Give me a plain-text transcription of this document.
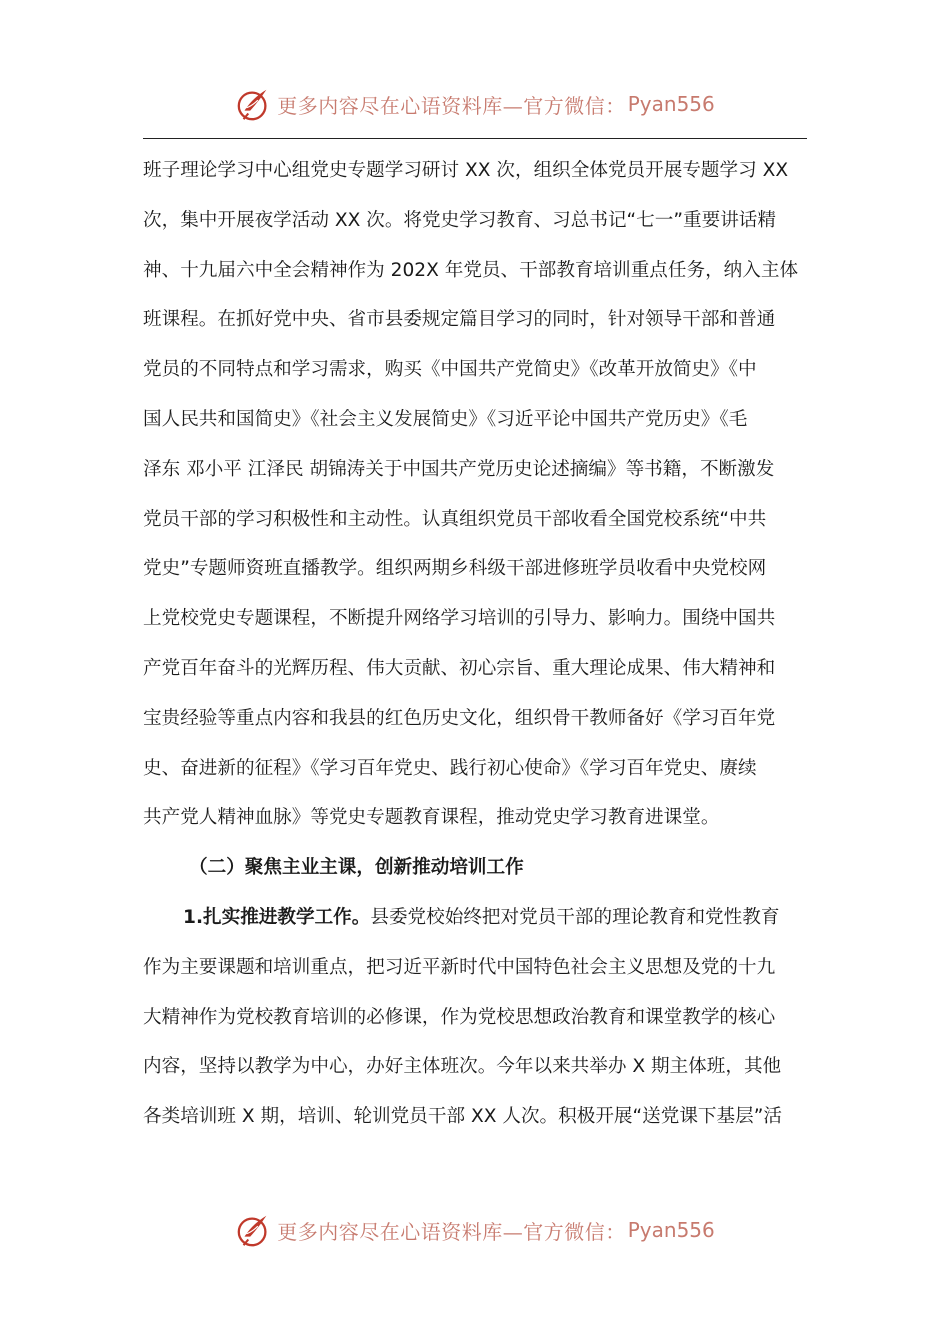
更多内容尽在心语资料库—官方微信： Pyan556
班子理论学习中心组党史专题学习研讨 XX 次，组织全体党员开展专题学习 XX
次，集中开展夜学活动 XX 次。将党史学习教育、习总书记“七一”重要讲话精
神、十九届六中全会精神作为 202X 年党员、干部教育培训重点任务，纳入主体
班课程。在抓好党中央、省市县委规定篇目学习的同时，针对领导干部和普通
党员的不同特点和学习需求，购买《中国共产党简史》《改革开放简史》《中
国人民共和国简史》《社会主义发展简史》《习近平论中国共产党历史》《毛
泽东 邓小平 江泽民 胡锦涛关于中国共产党历史论述摘编》等书籍，不断激发
党员干部的学习积极性和主动性。认真组织党员干部收看全国党校系统“中共
党史”专题师资班直播教学。组织两期乡科级干部进修班学员收看中央党校网
上党校党史专题课程，不断提升网络学习培训的引导力、影响力。围绕中国共
产党百年奋斗的光辉历程、伟大贡献、初心宗旨、重大理论成果、伟大精神和
宝贵经验等重点内容和我县的红色历史文化，组织骨干教师备好《学习百年党
史、奋进新的征程》《学习百年党史、践行初心使命》《学习百年党史、赓续
共产党人精神血脉》等党史专题教育课程，推动党史学习教育进课堂。
（二）聚焦主业主课，创新推动培训工作
1.扎实推进教学工作。县委党校始终把对党员干部的理论教育和党性教育
作为主要课题和培训重点，把习近平新时代中国特色社会主义思想及党的十九
大精神作为党校教育培训的必修课，作为党校思想政治教育和课堂教学的核心
内容，坚持以教学为中心，办好主体班次。今年以来共举办 X 期主体班，其他
各类培训班 X 期，培训、轮训党员干部 XX 人次。积极开展“送党课下基层”活
更多内容尽在心语资料库—官方微信： Pyan556
